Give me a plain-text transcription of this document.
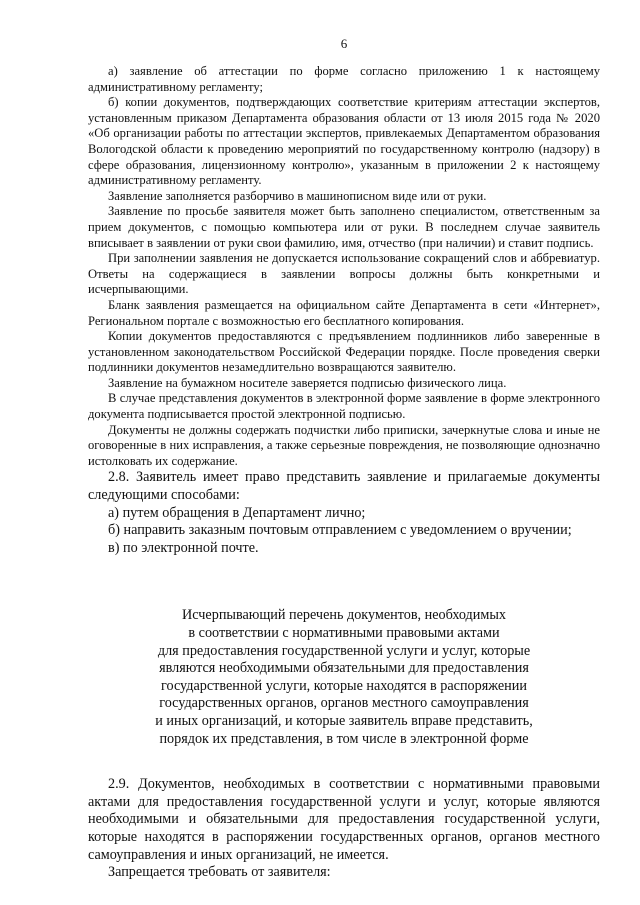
6

а) заявление об аттестации по форме согласно приложению 1 к настоящему административному регламенту;

б) копии документов, подтверждающих соответствие критериям аттестации экспертов, установленным приказом Департамента образования области от 13 июля 2015 года № 2020 «Об организации работы по аттестации экспертов, привлекаемых Департаментом образования Вологодской области к проведению мероприятий по государственному контролю (надзору) в сфере образования, лицензионному контролю», указанным в приложении 2 к настоящему административному регламенту.

Заявление заполняется разборчиво в машинописном виде или от руки.

Заявление по просьбе заявителя может быть заполнено специалистом, ответственным за прием документов, с помощью компьютера или от руки. В последнем случае заявитель вписывает в заявлении от руки свои фамилию, имя, отчество (при наличии) и ставит подпись.

При заполнении заявления не допускается использование сокращений слов и аббревиатур. Ответы на содержащиеся в заявлении вопросы должны быть конкретными и исчерпывающими.

Бланк заявления размещается на официальном сайте Департамента в сети «Интернет», Региональном портале с возможностью его бесплатного копирования.

Копии документов предоставляются с предъявлением подлинников либо заверенные в установленном законодательством Российской Федерации порядке. После проведения сверки подлинники документов незамедлительно возвращаются заявителю.

Заявление на бумажном носителе заверяется подписью физического лица.

В случае представления документов в электронной форме заявление в форме электронного документа подписывается простой электронной подписью.

Документы не должны содержать подчистки либо приписки, зачеркнутые слова и иные не оговоренные в них исправления, а также серьезные повреждения, не позволяющие однозначно истолковать их содержание.

2.8. Заявитель имеет право представить заявление и прилагаемые документы следующими способами:

а) путем обращения в Департамент лично;

б) направить заказным почтовым отправлением с уведомлением о вручении;

в) по электронной почте.

Исчерпывающий перечень документов, необходимых
в соответствии с нормативными правовыми актами
для предоставления государственной услуги и услуг, которые
являются необходимыми обязательными для предоставления
государственной услуги, которые находятся в распоряжении
государственных органов, органов местного самоуправления
и иных организаций, и которые заявитель вправе представить,
порядок их представления, в том числе в электронной форме

2.9. Документов, необходимых в соответствии с нормативными правовыми актами для предоставления государственной услуги и услуг, которые являются необходимыми и обязательными для предоставления государственной услуги, которые находятся в распоряжении государственных органов, органов местного самоуправления и иных организаций, не имеется.

Запрещается требовать от заявителя:
